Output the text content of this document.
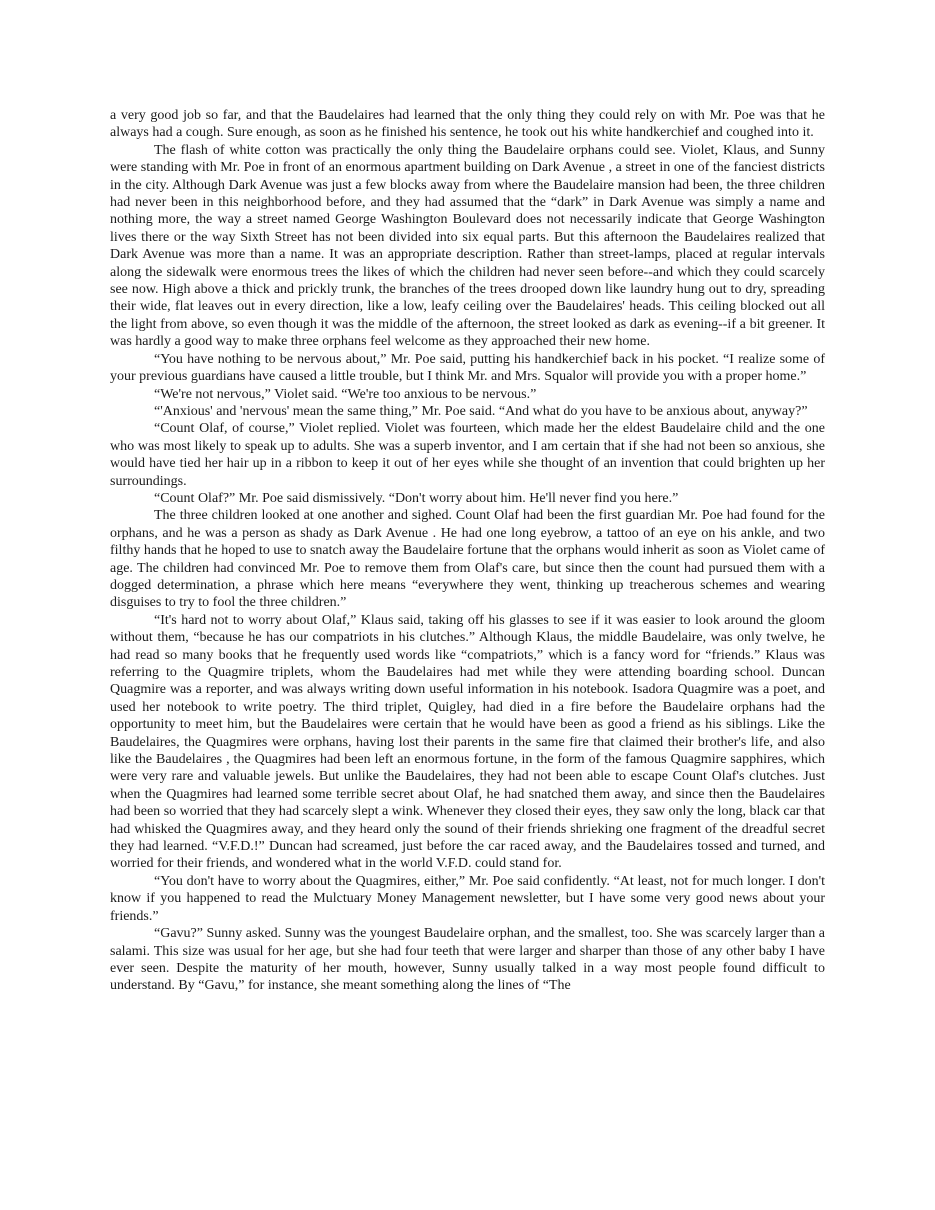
a very good job so far, and that the Baudelaires had learned that the only thing they could rely on with Mr. Poe was that he always had a cough. Sure enough, as soon as he finished his sentence, he took out his white handkerchief and coughed into it.

The flash of white cotton was practically the only thing the Baudelaire orphans could see. Violet, Klaus, and Sunny were standing with Mr. Poe in front of an enormous apartment building on Dark Avenue , a street in one of the fanciest districts in the city. Although Dark Avenue was just a few blocks away from where the Baudelaire mansion had been, the three children had never been in this neighborhood before, and they had assumed that the “dark” in Dark Avenue was simply a name and nothing more, the way a street named George Washington Boulevard does not necessarily indicate that George Washington lives there or the way Sixth Street has not been divided into six equal parts. But this afternoon the Baudelaires realized that Dark Avenue was more than a name. It was an appropriate description. Rather than street-lamps, placed at regular intervals along the sidewalk were enormous trees the likes of which the children had never seen before--and which they could scarcely see now. High above a thick and prickly trunk, the branches of the trees drooped down like laundry hung out to dry, spreading their wide, flat leaves out in every direction, like a low, leafy ceiling over the Baudelaires' heads. This ceiling blocked out all the light from above, so even though it was the middle of the afternoon, the street looked as dark as evening--if a bit greener. It was hardly a good way to make three orphans feel welcome as they approached their new home.

“You have nothing to be nervous about,” Mr. Poe said, putting his handkerchief back in his pocket. “I realize some of your previous guardians have caused a little trouble, but I think Mr. and Mrs. Squalor will provide you with a proper home.”

“We're not nervous,” Violet said. “We're too anxious to be nervous.”

“'Anxious' and 'nervous' mean the same thing,” Mr. Poe said. “And what do you have to be anxious about, anyway?”

“Count Olaf, of course,” Violet replied. Violet was fourteen, which made her the eldest Baudelaire child and the one who was most likely to speak up to adults. She was a superb inventor, and I am certain that if she had not been so anxious, she would have tied her hair up in a ribbon to keep it out of her eyes while she thought of an invention that could brighten up her surroundings.

“Count Olaf?” Mr. Poe said dismissively. “Don't worry about him. He'll never find you here.”

The three children looked at one another and sighed. Count Olaf had been the first guardian Mr. Poe had found for the orphans, and he was a person as shady as Dark Avenue . He had one long eyebrow, a tattoo of an eye on his ankle, and two filthy hands that he hoped to use to snatch away the Baudelaire fortune that the orphans would inherit as soon as Violet came of age. The children had convinced Mr. Poe to remove them from Olaf's care, but since then the count had pursued them with a dogged determination, a phrase which here means “everywhere they went, thinking up treacherous schemes and wearing disguises to try to fool the three children.”

“It's hard not to worry about Olaf,” Klaus said, taking off his glasses to see if it was easier to look around the gloom without them, “because he has our compatriots in his clutches.” Although Klaus, the middle Baudelaire, was only twelve, he had read so many books that he frequently used words like “compatriots,” which is a fancy word for “friends.” Klaus was referring to the Quagmire triplets, whom the Baudelaires had met while they were attending boarding school. Duncan Quagmire was a reporter, and was always writing down useful information in his notebook. Isadora Quagmire was a poet, and used her notebook to write poetry. The third triplet, Quigley, had died in a fire before the Baudelaire orphans had the opportunity to meet him, but the Baudelaires were certain that he would have been as good a friend as his siblings. Like the Baudelaires, the Quagmires were orphans, having lost their parents in the same fire that claimed their brother's life, and also like the Baudelaires , the Quagmires had been left an enormous fortune, in the form of the famous Quagmire sapphires, which were very rare and valuable jewels. But unlike the Baudelaires, they had not been able to escape Count Olaf's clutches. Just when the Quagmires had learned some terrible secret about Olaf, he had snatched them away, and since then the Baudelaires had been so worried that they had scarcely slept a wink. Whenever they closed their eyes, they saw only the long, black car that had whisked the Quagmires away, and they heard only the sound of their friends shrieking one fragment of the dreadful secret they had learned. “V.F.D.!” Duncan had screamed, just before the car raced away, and the Baudelaires tossed and turned, and worried for their friends, and wondered what in the world V.F.D. could stand for.

“You don't have to worry about the Quagmires, either,” Mr. Poe said confidently. “At least, not for much longer. I don't know if you happened to read the Mulctuary Money Management newsletter, but I have some very good news about your friends.”

“Gavu?” Sunny asked. Sunny was the youngest Baudelaire orphan, and the smallest, too. She was scarcely larger than a salami. This size was usual for her age, but she had four teeth that were larger and sharper than those of any other baby I have ever seen. Despite the maturity of her mouth, however, Sunny usually talked in a way most people found difficult to understand. By “Gavu,” for instance, she meant something along the lines of “The
